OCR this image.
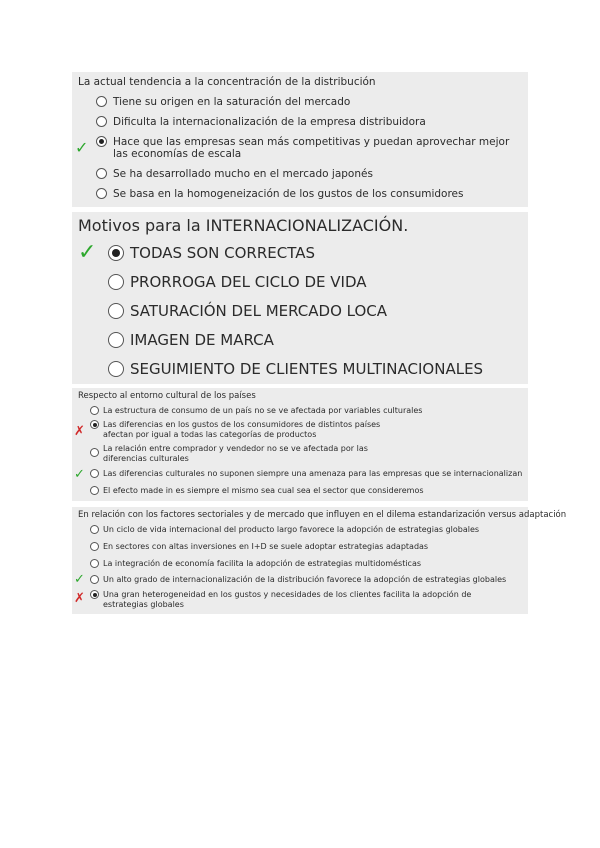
La actual tendencia a la concentración de la distribución
Tiene su origen en la saturación del mercado
Dificulta la internacionalización de la empresa distribuidora
✓ Hace que las empresas sean más competitivas y puedan aprovechar mejor las economías de escala
Se ha desarrollado mucho en el mercado japonés
Se basa en la homogeneización de los gustos de los consumidores
Motivos para la INTERNACIONALIZACIÓN.
✓ TODAS SON CORRECTAS
PRORROGA DEL CICLO DE VIDA
SATURACIÓN DEL MERCADO LOCA
IMAGEN DE MARCA
SEGUIMIENTO DE CLIENTES MULTINACIONALES
Respecto al entorno cultural de los países
La estructura de consumo de un país no se ve afectada por variables culturales
✗ Las diferencias en los gustos de los consumidores de distintos países afectan por igual a todas las categorías de productos
La relación entre comprador y vendedor no se ve afectada por las diferencias culturales
✓ Las diferencias culturales no suponen siempre una amenaza para las empresas que se internacionalizan
El efecto made in es siempre el mismo sea cual sea el sector que consideremos
En relación con los factores sectoriales y de mercado que influyen en el dilema estandarización versus adaptación
Un ciclo de vida internacional del producto largo favorece la adopción de estrategias globales
En sectores con altas inversiones en I+D se suele adoptar estrategias adaptadas
La integración de economía facilita la adopción de estrategias multidomésticas
✓ Un alto grado de internacionalización de la distribución favorece la adopción de estrategias globales
✗ Una gran heterogeneidad en los gustos y necesidades de los clientes facilita la adopción de estrategias globales
